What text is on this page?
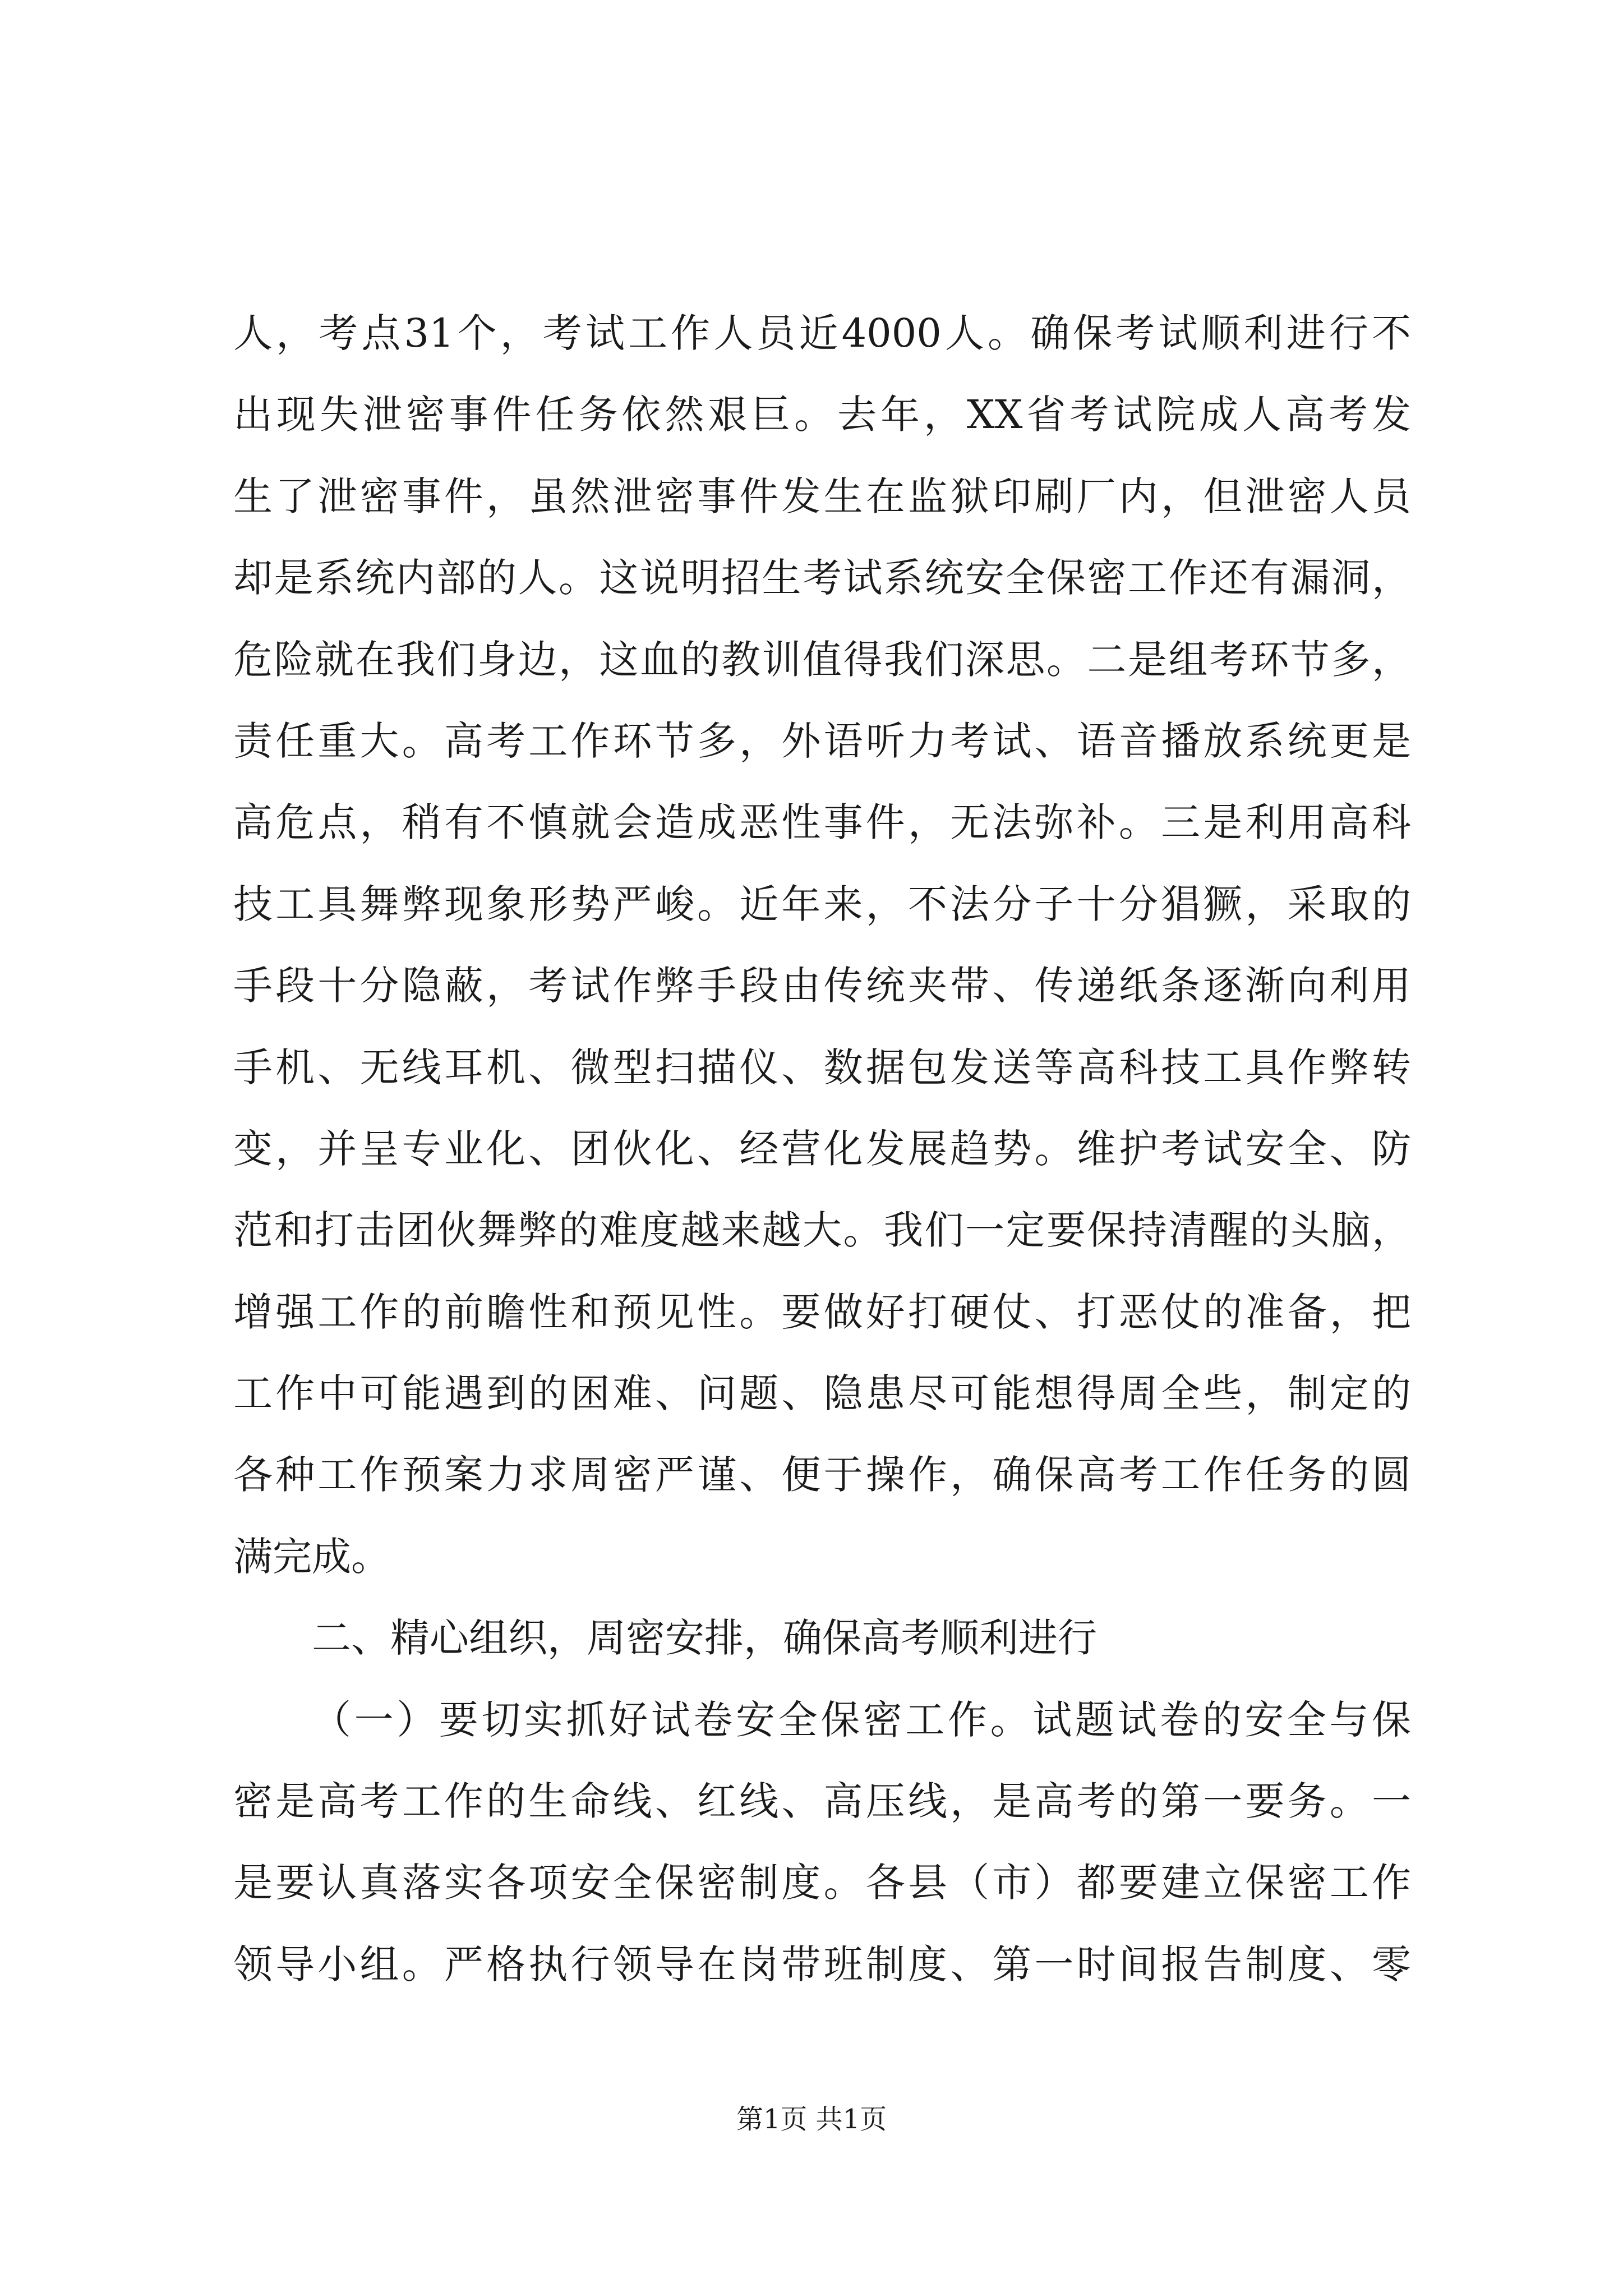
人，考点31个，考试工作人员近4000人。确保考试顺利进行不
出现失泄密事件任务依然艰巨。去年，XX省考试院成人高考发
生了泄密事件，虽然泄密事件发生在监狱印刷厂内，但泄密人员
却是系统内部的人。这说明招生考试系统安全保密工作还有漏洞，
危险就在我们身边，这血的教训值得我们深思。二是组考环节多，
责任重大。高考工作环节多，外语听力考试、语音播放系统更是
高危点，稍有不慎就会造成恶性事件，无法弥补。三是利用高科
技工具舞弊现象形势严峻。近年来，不法分子十分猖獗，采取的
手段十分隐蔽，考试作弊手段由传统夹带、传递纸条逐渐向利用
手机、无线耳机、微型扫描仪、数据包发送等高科技工具作弊转
变，并呈专业化、团伙化、经营化发展趋势。维护考试安全、防
范和打击团伙舞弊的难度越来越大。我们一定要保持清醒的头脑，
增强工作的前瞻性和预见性。要做好打硬仗、打恶仗的准备，把
工作中可能遇到的困难、问题、隐患尽可能想得周全些，制定的
各种工作预案力求周密严谨、便于操作，确保高考工作任务的圆
满完成。
二、精心组织，周密安排，确保高考顺利进行
（一）要切实抓好试卷安全保密工作。试题试卷的安全与保
密是高考工作的生命线、红线、高压线，是高考的第一要务。一
是要认真落实各项安全保密制度。各县（市）都要建立保密工作
领导小组。严格执行领导在岗带班制度、第一时间报告制度、零
第1页 共1页
